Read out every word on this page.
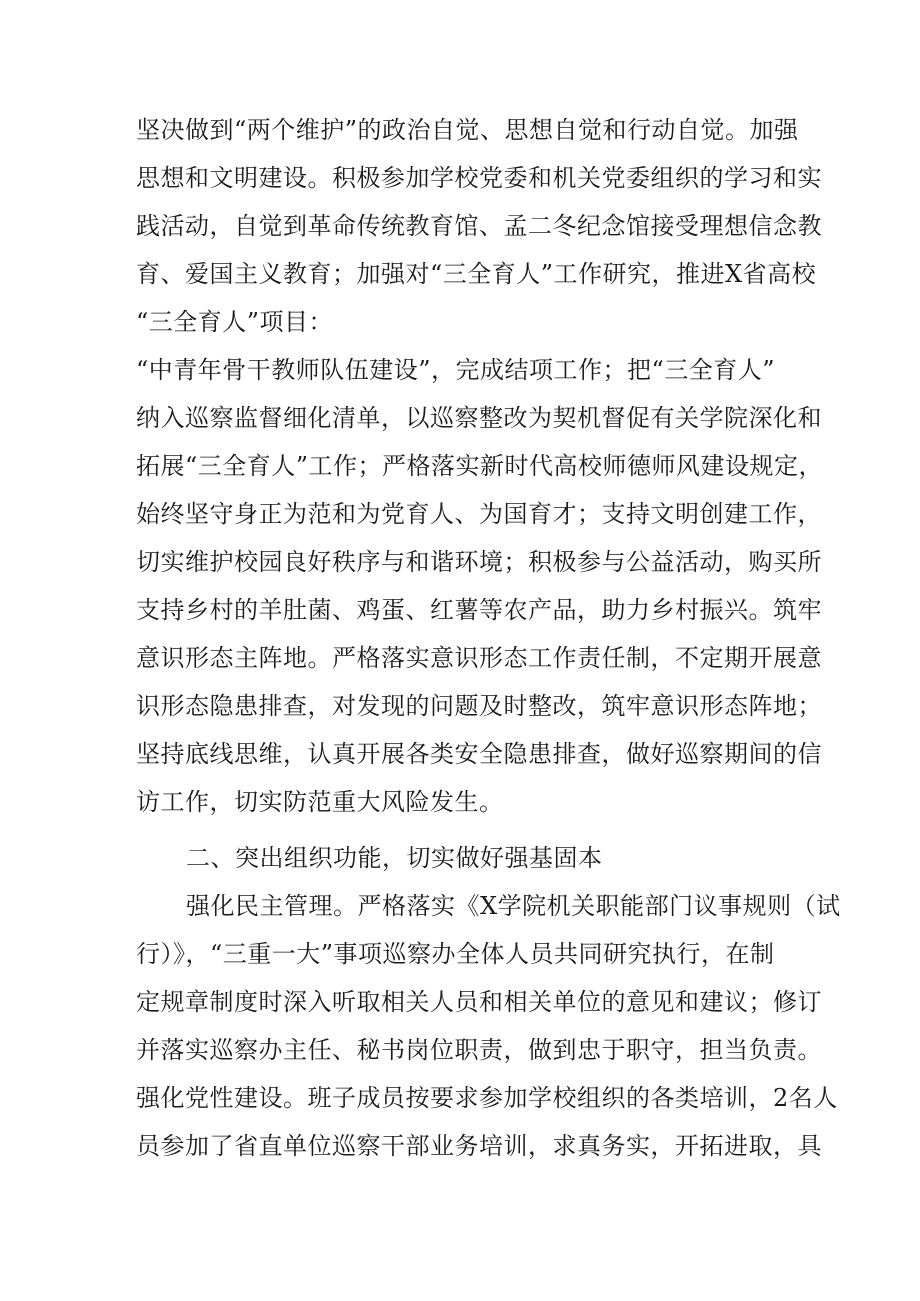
坚决做到“两个维护”的政治自觉、思想自觉和行动自觉。加强
思想和文明建设。积极参加学校党委和机关党委组织的学习和实
践活动，自觉到革命传统教育馆、孟二冬纪念馆接受理想信念教
育、爱国主义教育；加强对“三全育人”工作研究，推进X省高校
“三全育人”项目：
“中青年骨干教师队伍建设”，完成结项工作；把“三全育人”
纳入巡察监督细化清单，以巡察整改为契机督促有关学院深化和
拓展“三全育人”工作；严格落实新时代高校师德师风建设规定，
始终坚守身正为范和为党育人、为国育才；支持文明创建工作，
切实维护校园良好秩序与和谐环境；积极参与公益活动，购买所
支持乡村的羊肚菌、鸡蛋、红薯等农产品，助力乡村振兴。筑牢
意识形态主阵地。严格落实意识形态工作责任制，不定期开展意
识形态隐患排查，对发现的问题及时整改，筑牢意识形态阵地；
坚持底线思维，认真开展各类安全隐患排查，做好巡察期间的信
访工作，切实防范重大风险发生。
二、突出组织功能，切实做好强基固本
强化民主管理。严格落实《X学院机关职能部门议事规则（试
行）》，“三重一大”事项巡察办全体人员共同研究执行，在制
定规章制度时深入听取相关人员和相关单位的意见和建议；修订
并落实巡察办主任、秘书岗位职责，做到忠于职守，担当负责。
强化党性建设。班子成员按要求参加学校组织的各类培训，2名人
员参加了省直单位巡察干部业务培训，求真务实，开拓进取，具
